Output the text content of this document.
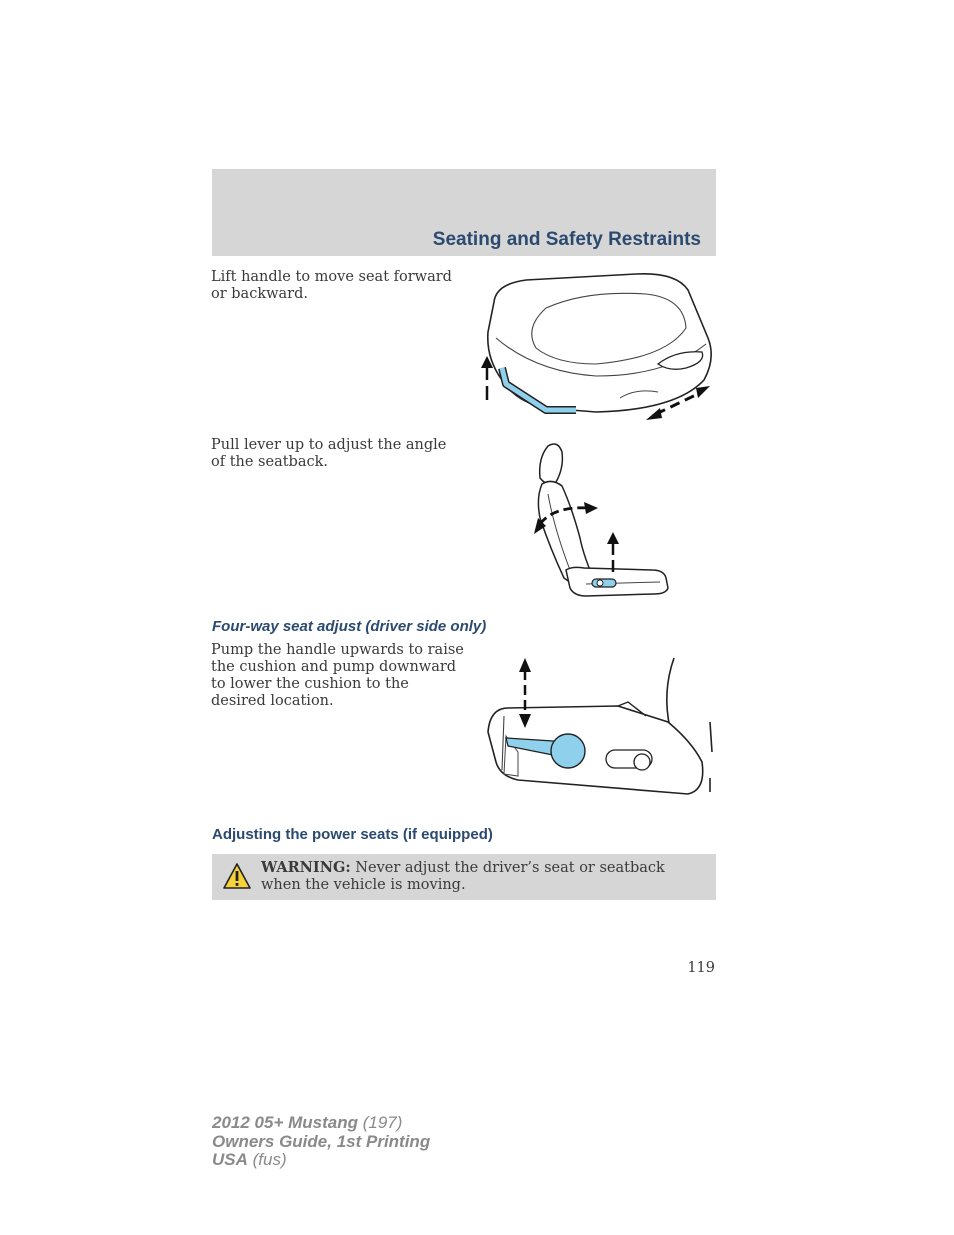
Seating and Safety Restraints

Lift handle to move seat forward or backward.

Pull lever up to adjust the angle of the seatback.

Four-way seat adjust (driver side only)

Pump the handle upwards to raise the cushion and pump downward to lower the cushion to the desired location.

Adjusting the power seats (if equipped)

WARNING: Never adjust the driver’s seat or seatback when the vehicle is moving.

119

2012 05+ Mustang (197)
Owners Guide, 1st Printing
USA (fus)
